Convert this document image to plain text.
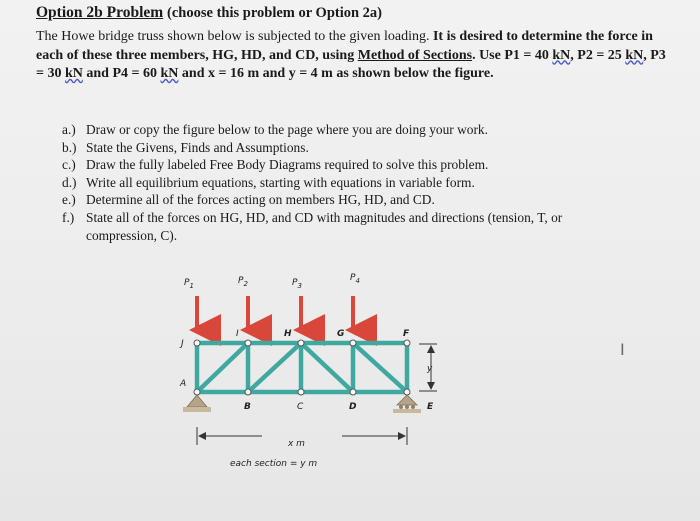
Option 2b Problem (choose this problem or Option 2a)
The Howe bridge truss shown below is subjected to the given loading. It is desired to determine the force in each of these three members, HG, HD, and CD, using Method of Sections. Use P1 = 40 kN, P2 = 25 kN, P3 = 30 kN and P4 = 60 kN and x = 16 m and y = 4 m as shown below the figure.
a.) Draw or copy the figure below to the page where you are doing your work.
b.) State the Givens, Finds and Assumptions.
c.) Draw the fully labeled Free Body Diagrams required to solve this problem.
d.) Write all equilibrium equations, starting with equations in variable form.
e.) Determine all of the forces acting on members HG, HD, and CD.
f.) State all of the forces on HG, HD, and CD with magnitudes and directions (tension, T, or
compression, C).
$P_1$	$P_2$	$P_3$
$P_4$
J
I	H	G	F
A
B	C	D	E
y
x m
each section = y m
I
